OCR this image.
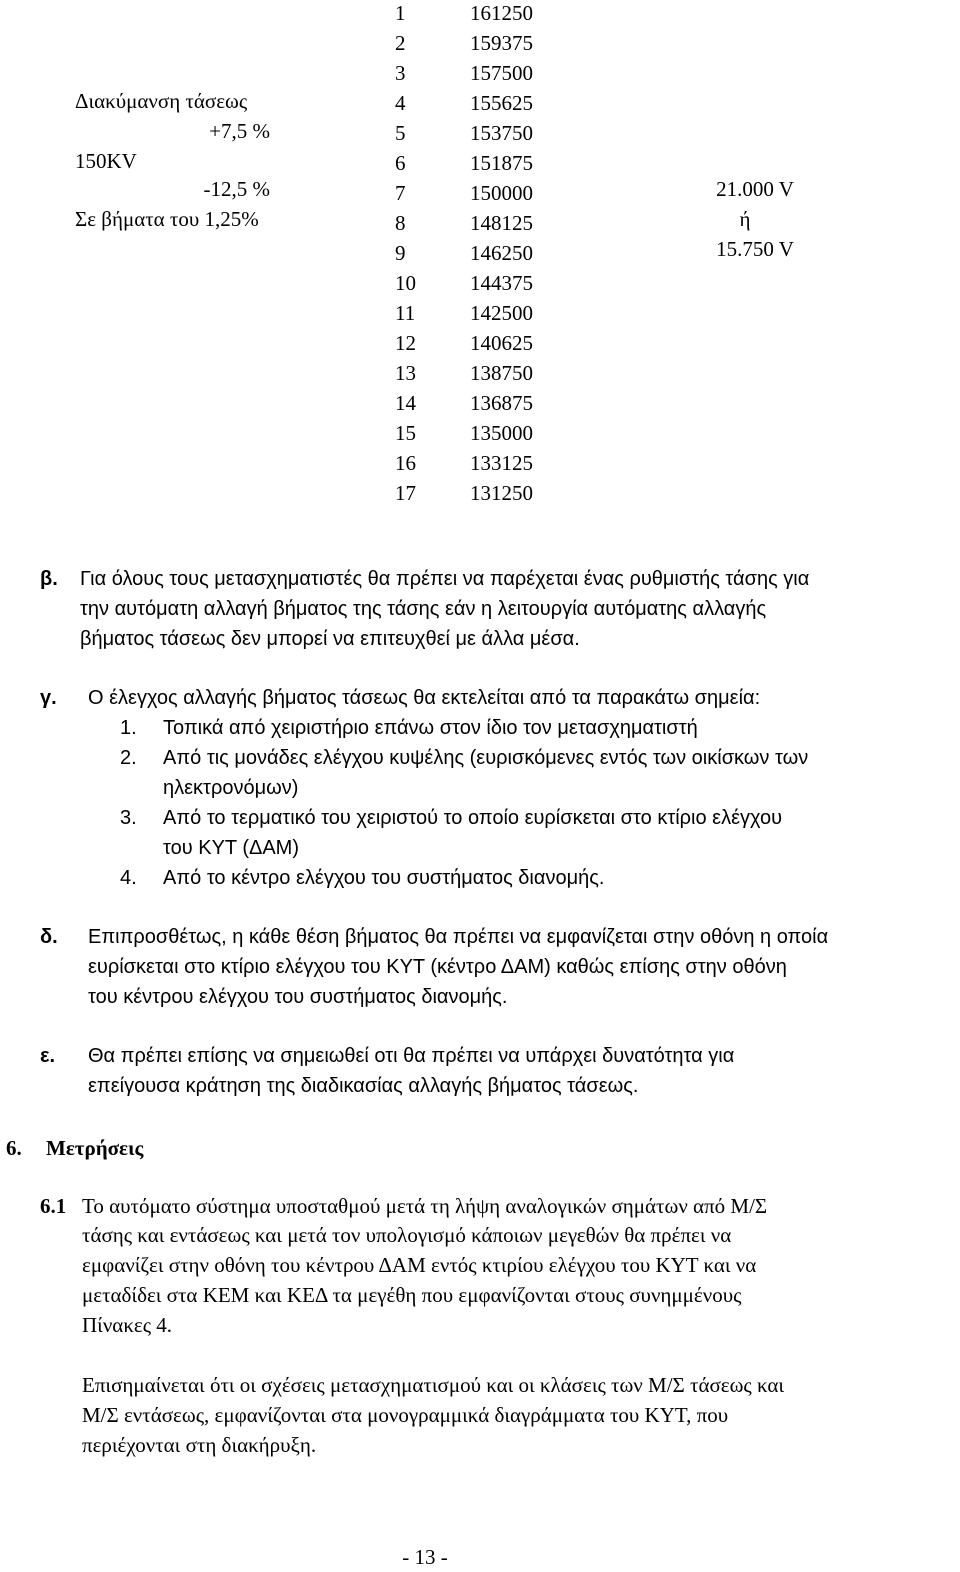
Διακύμανση τάσεως
+7,5 %
150KV
-12,5 %
Σε βήματα του 1,25%
1
2
3
4
5
6
7
8
9
10
11
12
13
14
15
16
17
161250
159375
157500
155625
153750
151875
150000
148125
146250
144375
142500
140625
138750
136875
135000
133125
131250
21.000 V
ή
15.750 V
β. Για όλους τους μετασχηματιστές θα πρέπει να παρέχεται ένας ρυθμιστής τάσης για
την αυτόματη αλλαγή βήματος της τάσης εάν η λειτουργία αυτόματης αλλαγής
βήματος τάσεως δεν μπορεί να επιτευχθεί με άλλα μέσα.
γ. Ο έλεγχος αλλαγής βήματος τάσεως θα εκτελείται από τα παρακάτω σημεία:
1. Τοπικά από χειριστήριο επάνω στον ίδιο τον μετασχηματιστή
2. Από τις μονάδες ελέγχου κυψέλης (ευρισκόμενες εντός των οικίσκων των
ηλεκτρονόμων)
3. Από το τερματικό του χειριστού το οποίο ευρίσκεται στο κτίριο ελέγχου
του ΚΥΤ (ΔΑΜ)
4. Από το κέντρο ελέγχου του συστήματος διανομής.
δ. Επιπροσθέτως, η κάθε θέση βήματος θα πρέπει να εμφανίζεται στην οθόνη η οποία
ευρίσκεται στο κτίριο ελέγχου του ΚΥΤ (κέντρο ΔΑΜ) καθώς επίσης στην οθόνη
του κέντρου ελέγχου του συστήματος διανομής.
ε. Θα πρέπει επίσης να σημειωθεί οτι θα πρέπει να υπάρχει δυνατότητα για
επείγουσα κράτηση της διαδικασίας αλλαγής βήματος τάσεως.
6. Μετρήσεις
6.1 Το αυτόματο σύστημα υποσταθμού μετά τη λήψη αναλογικών σημάτων από Μ/Σ
τάσης και εντάσεως και μετά τον υπολογισμό κάποιων μεγεθών θα πρέπει να
εμφανίζει στην οθόνη του κέντρου ΔΑΜ εντός κτιρίου ελέγχου του ΚΥΤ και να
μεταδίδει στα ΚΕΜ και ΚΕΔ τα μεγέθη που εμφανίζονται στους συνημμένους
Πίνακες 4.
Επισημαίνεται ότι οι σχέσεις μετασχηματισμού και οι κλάσεις των Μ/Σ τάσεως και
Μ/Σ εντάσεως, εμφανίζονται στα μονογραμμικά διαγράμματα του ΚΥΤ, που
περιέχονται στη διακήρυξη.
- 13 -
